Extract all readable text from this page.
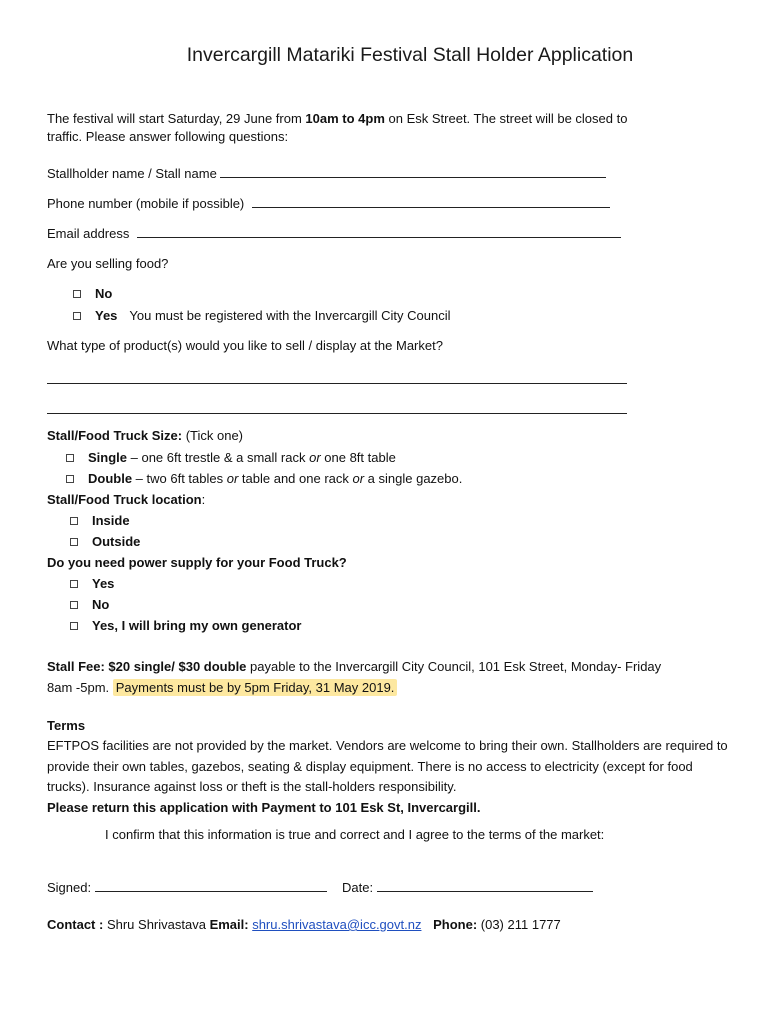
Invercargill Matariki Festival Stall Holder Application
The festival will start Saturday, 29 June from 10am to 4pm on Esk Street. The street will be closed to
traffic. Please answer following questions:
Stallholder name / Stall name
Phone number (mobile if possible)
Email address
Are you selling food?
No
Yes You must be registered with the Invercargill City Council
What type of product(s) would you like to sell / display at the Market?
Stall/Food Truck Size: (Tick one)
Single – one 6ft trestle & a small rack or one 8ft table
Double – two 6ft tables or table and one rack or a single gazebo.
Stall/Food Truck location:
Inside
Outside
Do you need power supply for your Food Truck?
Yes
No
Yes, I will bring my own generator
Stall Fee: $20 single/ $30 double payable to the Invercargill City Council, 101 Esk Street, Monday- Friday
8am -5pm. Payments must be by 5pm Friday, 31 May 2019.
Terms
EFTPOS facilities are not provided by the market. Vendors are welcome to bring their own. Stallholders are required to provide their own tables, gazebos, seating & display equipment. There is no access to electricity (except for food trucks). Insurance against loss or theft is the stall-holders responsibility.
Please return this application with Payment to 101 Esk St, Invercargill.
I confirm that this information is true and correct and I agree to the terms of the market:
Signed:	Date:
Contact : Shru Shrivastava Email: shru.shrivastava@icc.govt.nz Phone: (03) 211 1777
